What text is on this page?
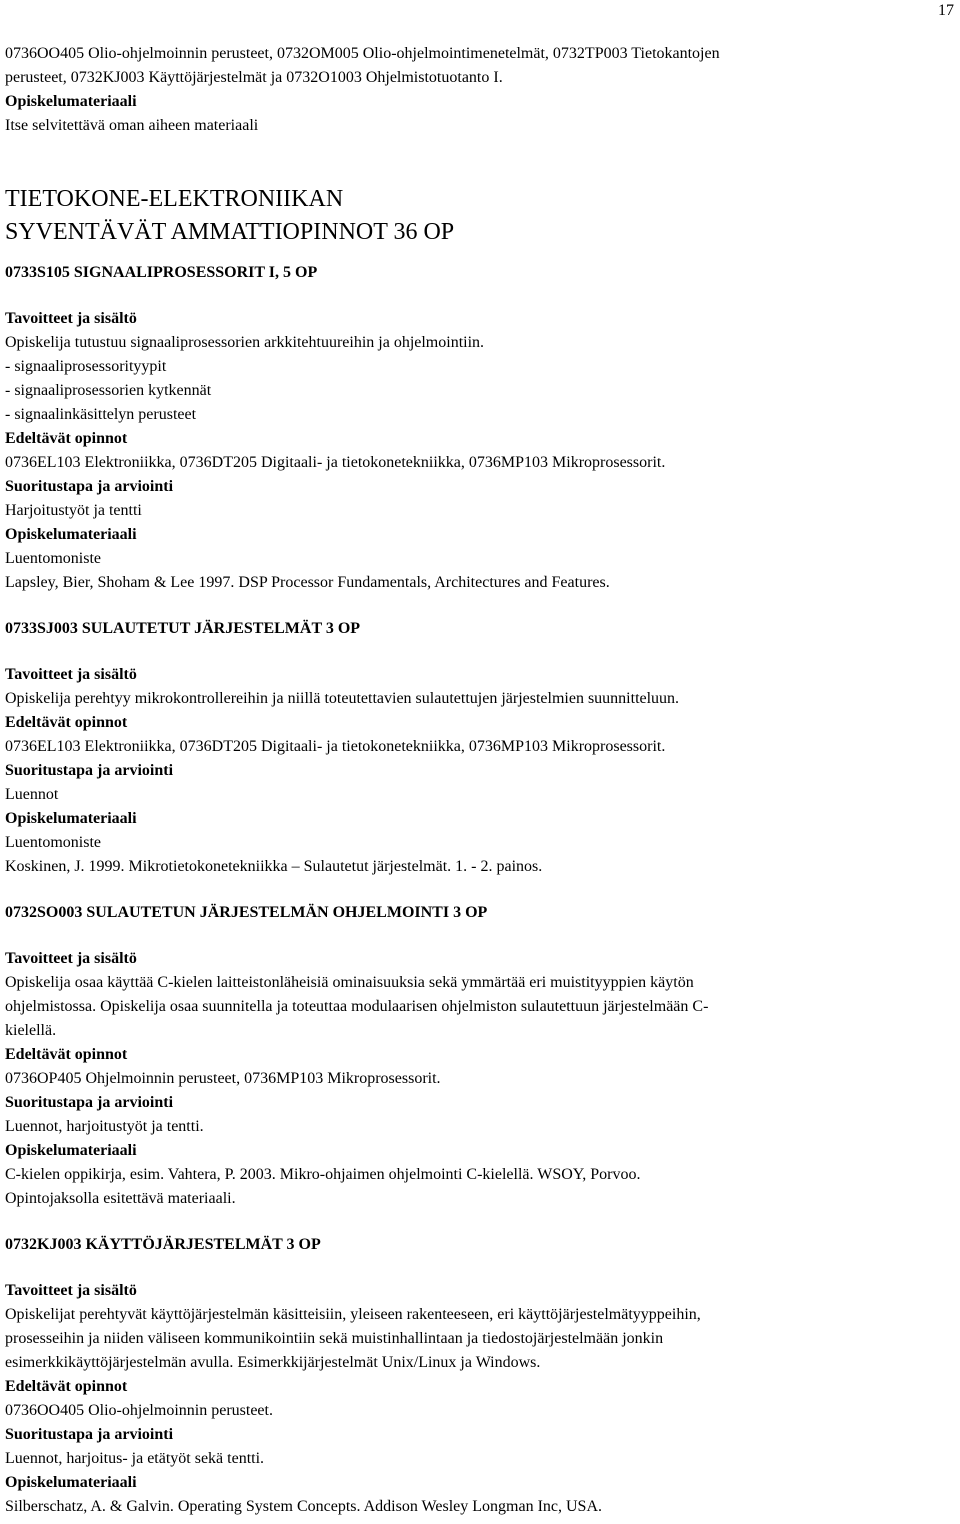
17

0736OO405 Olio-ohjelmoinnin perusteet, 0732OM005 Olio-ohjelmointimenetelmät, 0732TP003 Tietokantojen

perusteet, 0732KJ003 Käyttöjärjestelmät ja 0732O1003 Ohjelmistotuotanto I.

Opiskelumateriaali

Itse selvitettävä oman aiheen materiaali

TIETOKONE-ELEKTRONIIKAN

SYVENTÄVÄT AMMATTIOPINNOT 36 OP

0733S105 SIGNAALIPROSESSORIT I, 5 OP

Tavoitteet ja sisältö

Opiskelija tutustuu signaaliprosessorien arkkitehtuureihin ja ohjelmointiin.

- signaaliprosessorityypit

- signaaliprosessorien kytkennät

- signaalinkäsittelyn perusteet

Edeltävät opinnot

0736EL103 Elektroniikka, 0736DT205 Digitaali- ja tietokonetekniikka, 0736MP103 Mikroprosessorit.

Suoritustapa ja arviointi

Harjoitustyöt ja tentti

Opiskelumateriaali

Luentomoniste

Lapsley, Bier, Shoham & Lee 1997. DSP Processor Fundamentals, Architectures and Features.

0733SJ003 SULAUTETUT JÄRJESTELMÄT 3 OP

Tavoitteet ja sisältö

Opiskelija perehtyy mikrokontrollereihin ja niillä toteutettavien sulautettujen järjestelmien suunnitteluun.

Edeltävät opinnot

0736EL103 Elektroniikka, 0736DT205 Digitaali- ja tietokonetekniikka, 0736MP103 Mikroprosessorit.

Suoritustapa ja arviointi

Luennot

Opiskelumateriaali

Luentomoniste

Koskinen, J. 1999. Mikrotietokonetekniikka – Sulautetut järjestelmät. 1. - 2. painos.

0732SO003 SULAUTETUN JÄRJESTELMÄN OHJELMOINTI 3 OP

Tavoitteet ja sisältö

Opiskelija osaa käyttää C-kielen laitteistonläheisiä ominaisuuksia sekä ymmärtää eri muistityyppien käytön

ohjelmistossa. Opiskelija osaa suunnitella ja toteuttaa modulaarisen ohjelmiston sulautettuun järjestelmään C-

kielellä.

Edeltävät opinnot

0736OP405 Ohjelmoinnin perusteet, 0736MP103 Mikroprosessorit.

Suoritustapa ja arviointi

Luennot, harjoitustyöt ja tentti.

Opiskelumateriaali

C-kielen oppikirja, esim. Vahtera, P. 2003. Mikro-ohjaimen ohjelmointi C-kielellä. WSOY, Porvoo.

Opintojaksolla esitettävä materiaali.

0732KJ003 KÄYTTÖJÄRJESTELMÄT 3 OP

Tavoitteet ja sisältö

Opiskelijat perehtyvät käyttöjärjestelmän käsitteisiin, yleiseen rakenteeseen, eri käyttöjärjestelmätyyppeihin,

prosesseihin ja niiden väliseen kommunikointiin sekä muistinhallintaan ja tiedostojärjestelmään jonkin

esimerkkikäyttöjärjestelmän avulla. Esimerkkijärjestelmät Unix/Linux ja Windows.

Edeltävät opinnot

0736OO405 Olio-ohjelmoinnin perusteet.

Suoritustapa ja arviointi

Luennot, harjoitus- ja etätyöt sekä tentti.

Opiskelumateriaali

Silberschatz, A. & Galvin. Operating System Concepts. Addison Wesley Longman Inc, USA.
